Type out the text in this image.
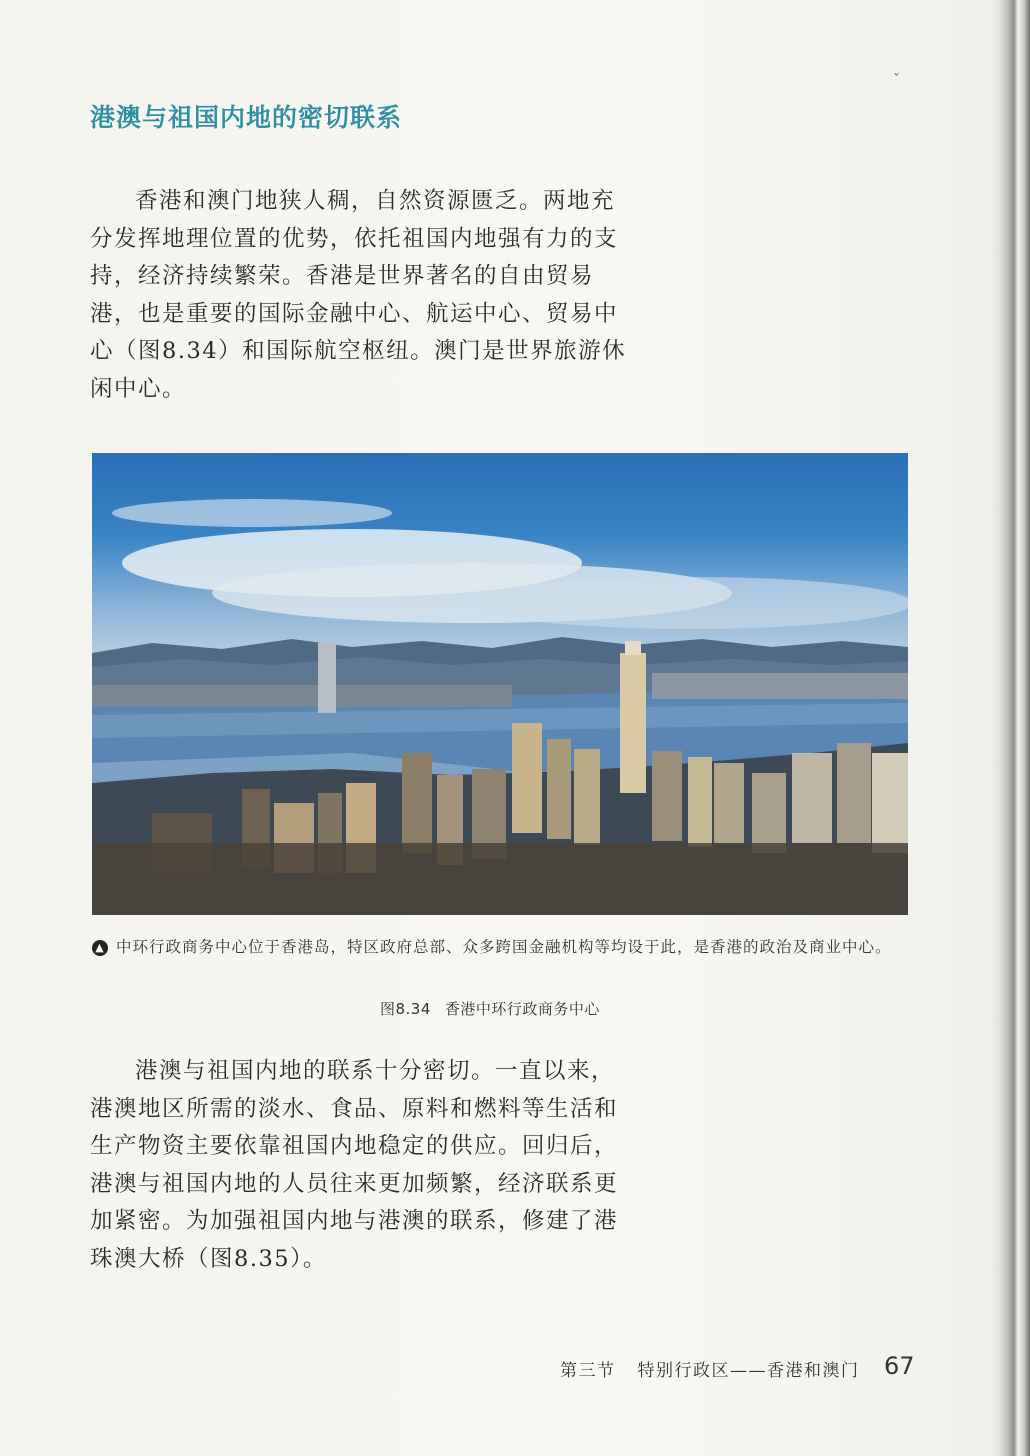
ˇ
港澳与祖国内地的密切联系

香港和澳门地狭人稠，自然资源匮乏。两地充分发挥地理位置的优势，依托祖国内地强有力的支持，经济持续繁荣。香港是世界著名的自由贸易港，也是重要的国际金融中心、航运中心、贸易中心（图8.34）和国际航空枢纽。澳门是世界旅游休闲中心。

▲ 中环行政商务中心位于香港岛，特区政府总部、众多跨国金融机构等均设于此，是香港的政治及商业中心。
图8.34 香港中环行政商务中心

港澳与祖国内地的联系十分密切。一直以来，港澳地区所需的淡水、食品、原料和燃料等生活和生产物资主要依靠祖国内地稳定的供应。回归后，港澳与祖国内地的人员往来更加频繁，经济联系更加紧密。为加强祖国内地与港澳的联系，修建了港珠澳大桥（图8.35）。

第三节 特别行政区——香港和澳门 67
